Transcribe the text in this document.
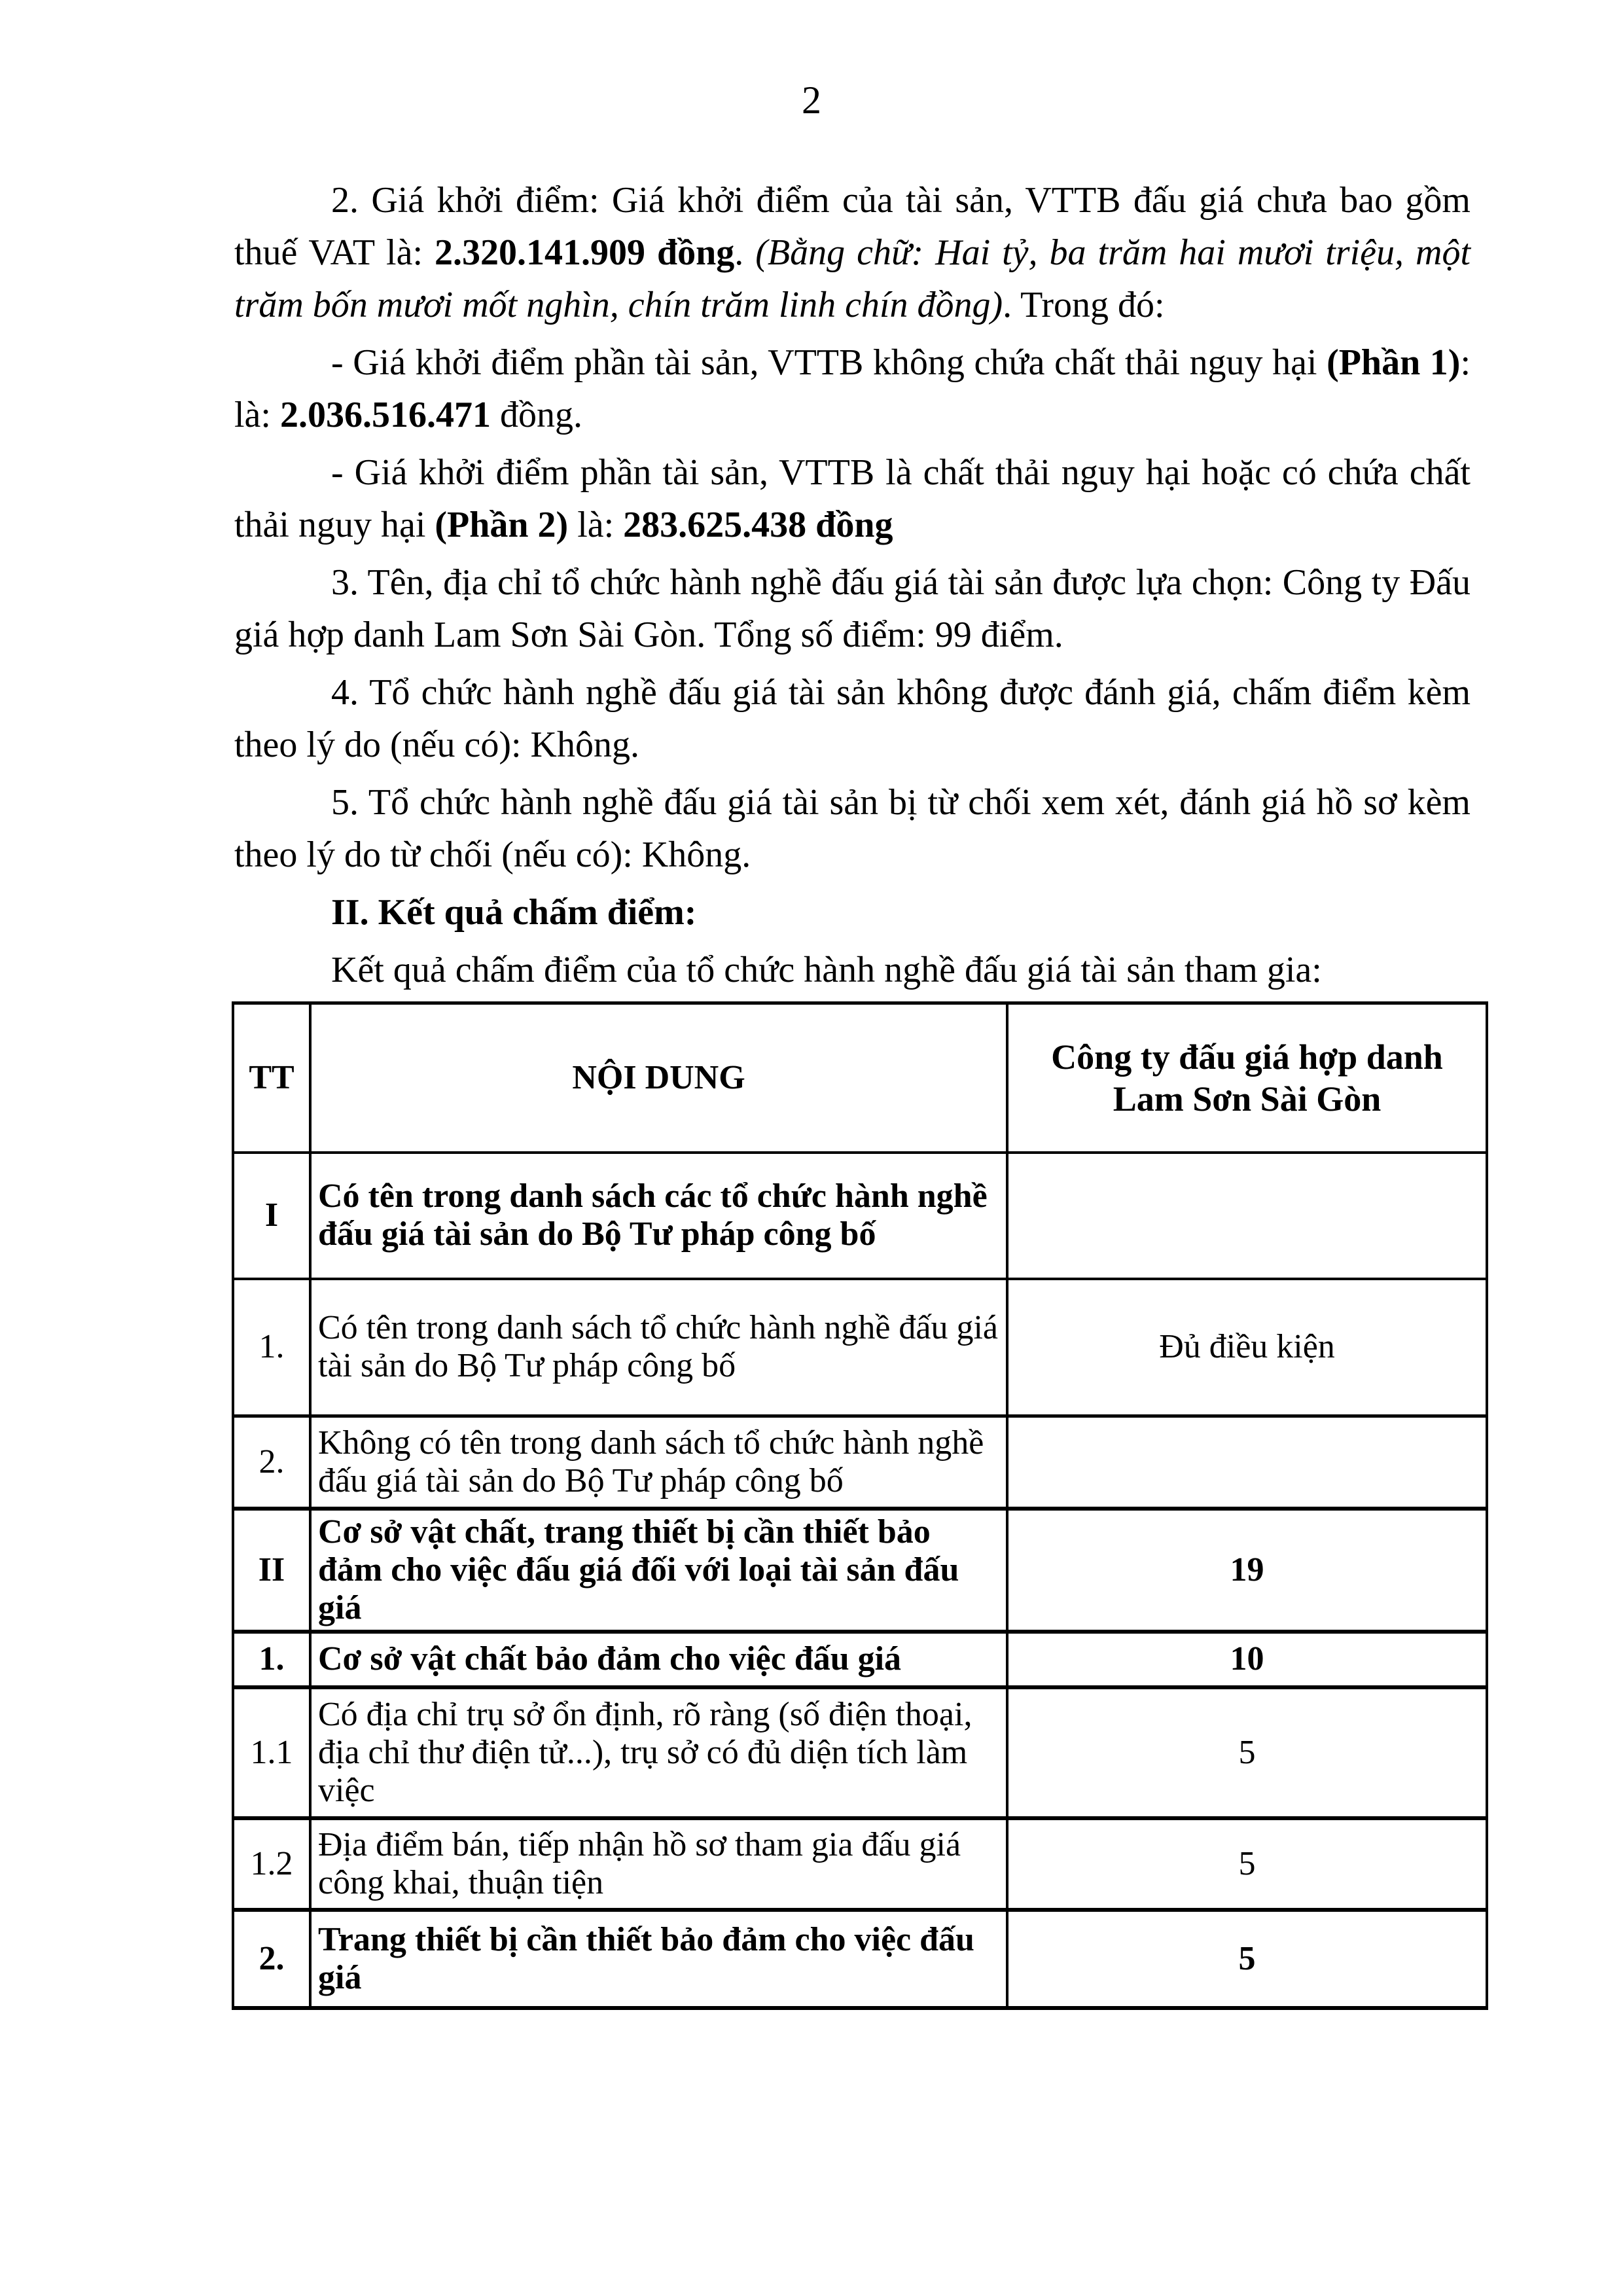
2

2. Giá khởi điểm: Giá khởi điểm của tài sản, VTTB đấu giá chưa bao gồm thuế VAT là: 2.320.141.909 đồng. (Bằng chữ: Hai tỷ, ba trăm hai mươi triệu, một trăm bốn mươi mốt nghìn, chín trăm linh chín đồng). Trong đó:

- Giá khởi điểm phần tài sản, VTTB không chứa chất thải nguy hại (Phần 1): là: 2.036.516.471 đồng.

- Giá khởi điểm phần tài sản, VTTB là chất thải nguy hại hoặc có chứa chất thải nguy hại (Phần 2) là: 283.625.438 đồng

3. Tên, địa chỉ tổ chức hành nghề đấu giá tài sản được lựa chọn: Công ty Đấu giá hợp danh Lam Sơn Sài Gòn. Tổng số điểm: 99 điểm.

4. Tổ chức hành nghề đấu giá tài sản không được đánh giá, chấm điểm kèm theo lý do (nếu có): Không.

5. Tổ chức hành nghề đấu giá tài sản bị từ chối xem xét, đánh giá hồ sơ kèm theo lý do từ chối (nếu có): Không.

II. Kết quả chấm điểm:

Kết quả chấm điểm của tổ chức hành nghề đấu giá tài sản tham gia:

TT	NỘI DUNG	Công ty đấu giá hợp danh Lam Sơn Sài Gòn
I	Có tên trong danh sách các tổ chức hành nghề đấu giá tài sản do Bộ Tư pháp công bố	
1.	Có tên trong danh sách tổ chức hành nghề đấu giá tài sản do Bộ Tư pháp công bố	Đủ điều kiện
2.	Không có tên trong danh sách tổ chức hành nghề đấu giá tài sản do Bộ Tư pháp công bố	
II	Cơ sở vật chất, trang thiết bị cần thiết bảo đảm cho việc đấu giá đối với loại tài sản đấu giá	19
1.	Cơ sở vật chất bảo đảm cho việc đấu giá	10
1.1	Có địa chỉ trụ sở ổn định, rõ ràng (số điện thoại, địa chỉ thư điện tử...), trụ sở có đủ diện tích làm việc	5
1.2	Địa điểm bán, tiếp nhận hồ sơ tham gia đấu giá công khai, thuận tiện	5
2.	Trang thiết bị cần thiết bảo đảm cho việc đấu giá	5
